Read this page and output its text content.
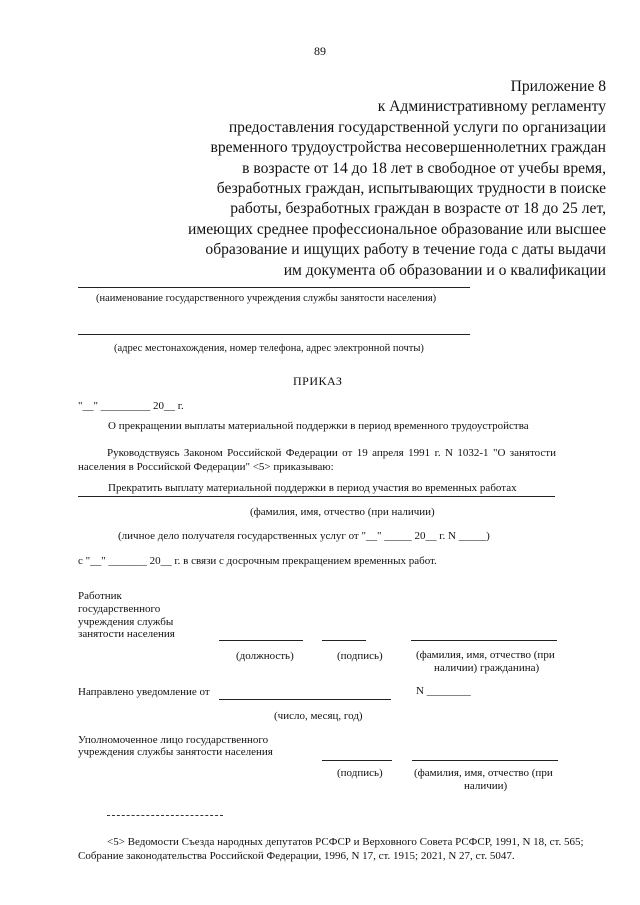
89
Приложение 8
к Административному регламенту
предоставления государственной услуги по организации
временного трудоустройства несовершеннолетних граждан
в возрасте от 14 до 18 лет в свободное от учебы время,
безработных граждан, испытывающих трудности в поиске
работы, безработных граждан в возрасте от 18 до 25 лет,
имеющих среднее профессиональное образование или высшее
образование и ищущих работу в течение года с даты выдачи
им документа об образовании и о квалификации
(наименование государственного учреждения службы занятости населения)
(адрес местонахождения, номер телефона, адрес электронной почты)
ПРИКАЗ
"__" _________ 20__ г.
О прекращении выплаты материальной поддержки в период временного трудоустройства
Руководствуясь Законом Российской Федерации от 19 апреля 1991 г. N 1032-1 "О занятости
населения в Российской Федерации" <5> приказываю:
Прекратить выплату материальной поддержки в период участия во временных работах
(фамилия, имя, отчество (при наличии)
(личное дело получателя государственных услуг от "__" _____ 20__ г. N _____)
с "__" _______ 20__ г. в связи с досрочным прекращением временных работ.
Работник
государственного
учреждения службы
занятости населения
(должность)	(подпись)	(фамилия, имя, отчество (при
наличии) гражданина)
Направлено уведомление от	N ________
(число, месяц, год)
Уполномоченное лицо государственного
учреждения службы занятости населения
(подпись)	(фамилия, имя, отчество (при
наличии)
<5> Ведомости Съезда народных депутатов РСФСР и Верховного Совета РСФСР, 1991, N 18, ст. 565;
Собрание законодательства Российской Федерации, 1996, N 17, ст. 1915; 2021, N 27, ст. 5047.
